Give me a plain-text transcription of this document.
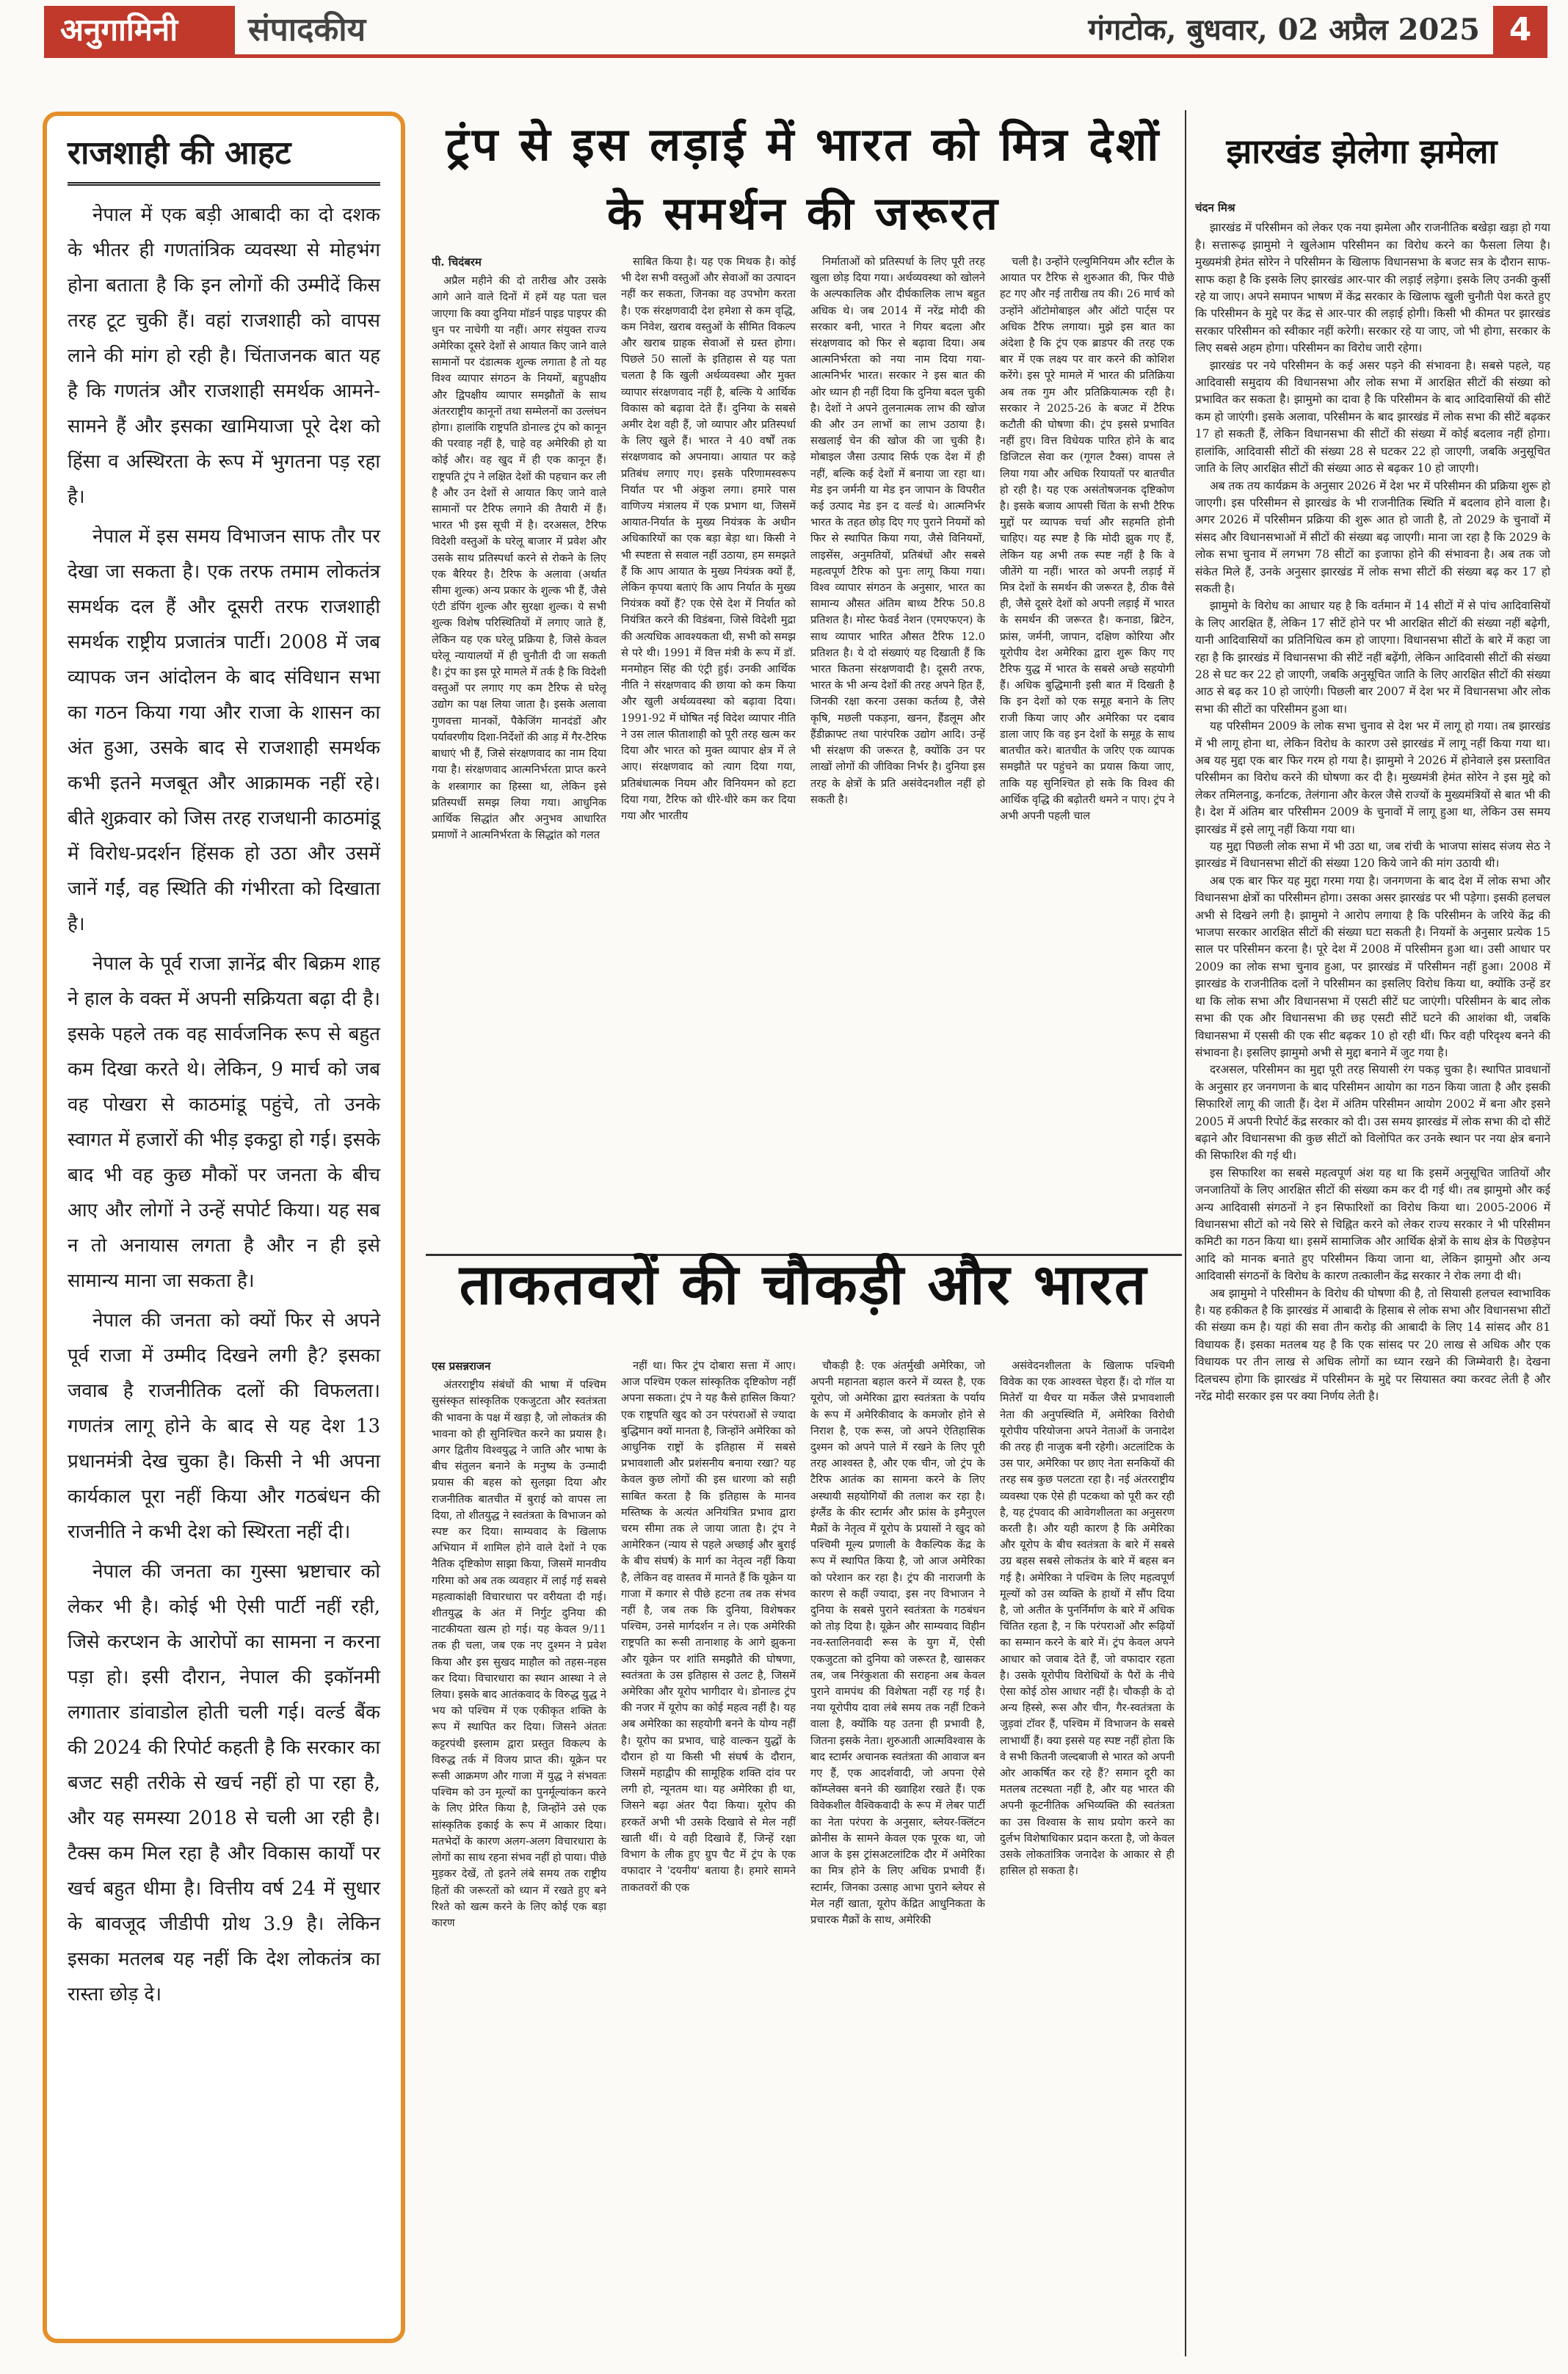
अनुगामिनी	संपादकीय	गंगटोक, बुधवार, 02 अप्रैल 2025 4
राजशाही की आहट

नेपाल में एक बड़ी आबादी का दो दशक के भीतर ही गणतांत्रिक व्यवस्था से मोहभंग होना बताता है कि इन लोगों की उम्मीदें किस तरह टूट चुकी हैं। वहां राजशाही को वापस लाने की मांग हो रही है। चिंताजनक बात यह है कि गणतंत्र और राजशाही समर्थक आमने-सामने हैं और इसका खामियाजा पूरे देश को हिंसा व अस्थिरता के रूप में भुगतना पड़ रहा है।

नेपाल में इस समय विभाजन साफ तौर पर देखा जा सकता है। एक तरफ तमाम लोकतंत्र समर्थक दल हैं और दूसरी तरफ राजशाही समर्थक राष्ट्रीय प्रजातंत्र पार्टी। 2008 में जब व्यापक जन आंदोलन के बाद संविधान सभा का गठन किया गया और राजा के शासन का अंत हुआ, उसके बाद से राजशाही समर्थक कभी इतने मजबूत और आक्रामक नहीं रहे। बीते शुक्रवार को जिस तरह राजधानी काठमांडू में विरोध-प्रदर्शन हिंसक हो उठा और उसमें जानें गईं, वह स्थिति की गंभीरता को दिखाता है।

नेपाल के पूर्व राजा ज्ञानेंद्र बीर बिक्रम शाह ने हाल के वक्त में अपनी सक्रियता बढ़ा दी है। इसके पहले तक वह सार्वजनिक रूप से बहुत कम दिखा करते थे। लेकिन, 9 मार्च को जब वह पोखरा से काठमांडू पहुंचे, तो उनके स्वागत में हजारों की भीड़ इकट्ठा हो गई। इसके बाद भी वह कुछ मौकों पर जनता के बीच आए और लोगों ने उन्हें सपोर्ट किया। यह सब न तो अनायास लगता है और न ही इसे सामान्य माना जा सकता है।

नेपाल की जनता को क्यों फिर से अपने पूर्व राजा में उम्मीद दिखने लगी है? इसका जवाब है राजनीतिक दलों की विफलता। गणतंत्र लागू होने के बाद से यह देश 13 प्रधानमंत्री देख चुका है। किसी ने भी अपना कार्यकाल पूरा नहीं किया और गठबंधन की राजनीति ने कभी देश को स्थिरता नहीं दी।

नेपाल की जनता का गुस्सा भ्रष्टाचार को लेकर भी है। कोई भी ऐसी पार्टी नहीं रही, जिसे करप्शन के आरोपों का सामना न करना पड़ा हो। इसी दौरान, नेपाल की इकॉनमी लगातार डांवाडोल होती चली गई। वर्ल्ड बैंक की 2024 की रिपोर्ट कहती है कि सरकार का बजट सही तरीके से खर्च नहीं हो पा रहा है, और यह समस्या 2018 से चली आ रही है। टैक्स कम मिल रहा है और विकास कार्यों पर खर्च बहुत धीमा है। वित्तीय वर्ष 24 में सुधार के बावजूद जीडीपी ग्रोथ 3.9 है। लेकिन इसका मतलब यह नहीं कि देश लोकतंत्र का रास्ता छोड़ दे।

ट्रंप से इस लड़ाई में भारत को मित्र देशों के समर्थन की जरूरत
पी. चिदंबरम

अप्रैल महीने की दो तारीख और उसके आगे आने वाले दिनों में हमें यह पता चल जाएगा कि क्या दुनिया मॉडर्न पाइड पाइपर की धुन पर नाचेगी या नहीं। अगर संयुक्त राज्य अमेरिका दूसरे देशों से आयात किए जाने वाले सामानों पर दंडात्मक शुल्क लगाता है तो यह विश्व व्यापार संगठन के नियमों, बहुपक्षीय और द्विपक्षीय व्यापार समझौतों के साथ अंतरराष्ट्रीय कानूनों तथा सम्मेलनों का उल्लंघन होगा। हालांकि राष्ट्रपति डोनाल्ड ट्रंप को कानून की परवाह नहीं है, चाहे वह अमेरिकी हो या कोई और। वह खुद में ही एक कानून हैं। राष्ट्रपति ट्रंप ने लक्षित देशों की पहचान कर ली है और उन देशों से आयात किए जाने वाले सामानों पर टैरिफ लगाने की तैयारी में हैं। भारत भी इस सूची में है। दरअसल, टैरिफ विदेशी वस्तुओं के घरेलू बाजार में प्रवेश और उसके साथ प्रतिस्पर्धा करने से रोकने के लिए एक बैरियर है। टैरिफ के अलावा (अर्थात सीमा शुल्क) अन्य प्रकार के शुल्क भी हैं, जैसे एंटी डंपिंग शुल्क और सुरक्षा शुल्क। ये सभी शुल्क विशेष परिस्थितियों में लगाए जाते हैं, लेकिन यह एक घरेलू प्रक्रिया है, जिसे केवल घरेलू न्यायालयों में ही चुनौती दी जा सकती है। ट्रंप का इस पूरे मामले में तर्क है कि विदेशी वस्तुओं पर लगाए गए कम टैरिफ से घरेलू उद्योग का पक्ष लिया जाता है। इसके अलावा गुणवत्ता मानकों, पैकेजिंग मानदंडों और पर्यावरणीय दिशा-निर्देशों की आड़ में गैर-टैरिफ बाधाएं भी हैं, जिसे संरक्षणवाद का नाम दिया गया है। संरक्षणवाद आत्मनिर्भरता प्राप्त करने के शस्त्रागार का हिस्सा था, लेकिन इसे प्रतिस्पर्धी समझ लिया गया। आधुनिक आर्थिक सिद्धांत और अनुभव आधारित प्रमाणों ने आत्मनिर्भरता के सिद्धांत को गलत

साबित किया है। यह एक मिथक है। कोई भी देश सभी वस्तुओं और सेवाओं का उत्पादन नहीं कर सकता, जिनका वह उपभोग करता है। एक संरक्षणवादी देश हमेशा से कम वृद्धि, कम निवेश, खराब वस्तुओं के सीमित विकल्प और खराब ग्राहक सेवाओं से ग्रस्त होगा। पिछले 50 सालों के इतिहास से यह पता चलता है कि खुली अर्थव्यवस्था और मुक्त व्यापार संरक्षणवाद नहीं है, बल्कि ये आर्थिक विकास को बढ़ावा देते हैं। दुनिया के सबसे अमीर देश वही हैं, जो व्यापार और प्रतिस्पर्धा के लिए खुले हैं। भारत ने 40 वर्षों तक संरक्षणवाद को अपनाया। आयात पर कड़े प्रतिबंध लगाए गए। इसके परिणामस्वरूप निर्यात पर भी अंकुश लगा। हमारे पास वाणिज्य मंत्रालय में एक प्रभाग था, जिसमें आयात-निर्यात के मुख्य नियंत्रक के अधीन अधिकारियों का एक बड़ा बेड़ा था। किसी ने भी स्पष्टता से सवाल नहीं उठाया, हम समझते हैं कि आप आयात के मुख्य नियंत्रक क्यों हैं, लेकिन कृपया बताएं कि आप निर्यात के मुख्य नियंत्रक क्यों हैं? एक ऐसे देश में निर्यात को नियंत्रित करने की विडंबना, जिसे विदेशी मुद्रा की अत्यधिक आवश्यकता थी, सभी को समझ से परे थी। 1991 में वित्त मंत्री के रूप में डॉ. मनमोहन सिंह की एंट्री हुई। उनकी आर्थिक नीति ने संरक्षणवाद की छाया को कम किया और खुली अर्थव्यवस्था को बढ़ावा दिया। 1991-92 में घोषित नई विदेश व्यापार नीति ने उस लाल फीताशाही को पूरी तरह खत्म कर दिया और भारत को मुक्त व्यापार क्षेत्र में ले आए। संरक्षणवाद को त्याग दिया गया, प्रतिबंधात्मक नियम और विनियमन को हटा दिया गया, टैरिफ को धीरे-धीरे कम कर दिया गया और भारतीय

निर्माताओं को प्रतिस्पर्धा के लिए पूरी तरह खुला छोड़ दिया गया। अर्थव्यवस्था को खोलने के अल्पकालिक और दीर्घकालिक लाभ बहुत अधिक थे। जब 2014 में नरेंद्र मोदी की सरकार बनी, भारत ने गियर बदला और संरक्षणवाद को फिर से बढ़ावा दिया। अब आत्मनिर्भरता को नया नाम दिया गया- आत्मनिर्भर भारत। सरकार ने इस बात की ओर ध्यान ही नहीं दिया कि दुनिया बदल चुकी है। देशों ने अपने तुलनात्मक लाभ की खोज की और उन लाभों का लाभ उठाया है। सखलाई चेन की खोज की जा चुकी है। मोबाइल जैसा उत्पाद सिर्फ एक देश में ही नहीं, बल्कि कई देशों में बनाया जा रहा था। मेड इन जर्मनी या मेड इन जापान के विपरीत कई उत्पाद मेड इन द वर्ल्ड थे। आत्मनिर्भर भारत के तहत छोड़ दिए गए पुराने नियमों को फिर से स्थापित किया गया, जैसे विनियमों, लाइसेंस, अनुमतियों, प्रतिबंधों और सबसे महत्वपूर्ण टैरिफ को पुनः लागू किया गया। विश्व व्यापार संगठन के अनुसार, भारत का सामान्य औसत अंतिम बाध्य टैरिफ 50.8 प्रतिशत है। मोस्ट फेवर्ड नेशन (एमएफएन) के साथ व्यापार भारित औसत टैरिफ 12.0 प्रतिशत है। ये दो संख्याएं यह दिखाती हैं कि भारत कितना संरक्षणवादी है। दूसरी तरफ, भारत के भी अन्य देशों की तरह अपने हित हैं, जिनकी रक्षा करना उसका कर्तव्य है, जैसे कृषि, मछली पकड़ना, खनन, हैंडलूम और हैंडीक्राफ्ट तथा पारंपरिक उद्योग आदि। उन्हें भी संरक्षण की जरूरत है, क्योंकि उन पर लाखों लोगों की जीविका निर्भर है। दुनिया इस तरह के क्षेत्रों के प्रति असंवेदनशील नहीं हो सकती है।

चली है। उन्होंने एल्युमिनियम और स्टील के आयात पर टैरिफ से शुरुआत की, फिर पीछे हट गए और नई तारीख तय की। 26 मार्च को उन्होंने ऑटोमोबाइल और ऑटो पार्ट्स पर अधिक टैरिफ लगाया। मुझे इस बात का अंदेशा है कि ट्रंप एक ब्राडपर की तरह एक बार में एक लक्ष्य पर वार करने की कोशिश करेंगे। इस पूरे मामले में भारत की प्रतिक्रिया अब तक गुम और प्रतिक्रियात्मक रही है। सरकार ने 2025-26 के बजट में टैरिफ कटौती की घोषणा की। ट्रंप इससे प्रभावित नहीं हुए। वित्त विधेयक पारित होने के बाद डिजिटल सेवा कर (गूगल टैक्स) वापस ले लिया गया और अधिक रियायतों पर बातचीत हो रही है। यह एक असंतोषजनक दृष्टिकोण है। इसके बजाय आपसी चिंता के सभी टैरिफ मुद्दों पर व्यापक चर्चा और सहमति होनी चाहिए। यह स्पष्ट है कि मोदी झुक गए हैं, लेकिन यह अभी तक स्पष्ट नहीं है कि वे जीतेंगे या नहीं। भारत को अपनी लड़ाई में मित्र देशों के समर्थन की जरूरत है, ठीक वैसे ही, जैसे दूसरे देशों को अपनी लड़ाई में भारत के समर्थन की जरूरत है। कनाडा, ब्रिटेन, फ्रांस, जर्मनी, जापान, दक्षिण कोरिया और यूरोपीय देश अमेरिका द्वारा शुरू किए गए टैरिफ युद्ध में भारत के सबसे अच्छे सहयोगी हैं। अधिक बुद्धिमानी इसी बात में दिखती है कि इन देशों को एक समूह बनाने के लिए राजी किया जाए और अमेरिका पर दबाव डाला जाए कि वह इन देशों के समूह के साथ बातचीत करे। बातचीत के जरिए एक व्यापक समझौते पर पहुंचने का प्रयास किया जाए, ताकि यह सुनिश्चित हो सके कि विश्व की आर्थिक वृद्धि की बढ़ोतरी थमने न पाए। ट्रंप ने अभी अपनी पहली चाल

ताकतवरों की चौकड़ी और भारत
एस प्रसन्नराजन

अंतरराष्ट्रीय संबंधों की भाषा में पश्चिम सुसंस्कृत सांस्कृतिक एकजुटता और स्वतंत्रता की भावना के पक्ष में खड़ा है, जो लोकतंत्र की भावना को ही सुनिश्चित करने का प्रयास है। अगर द्वितीय विश्वयुद्ध ने जाति और भाषा के बीच संतुलन बनाने के मनुष्य के उन्मादी प्रयास की बहस को सुलझा दिया और राजनीतिक बातचीत में बुराई को वापस ला दिया, तो शीतयुद्ध ने स्वतंत्रता के विभाजन को स्पष्ट कर दिया। साम्यवाद के खिलाफ अभियान में शामिल होने वाले देशों ने एक नैतिक दृष्टिकोण साझा किया, जिसमें मानवीय गरिमा को अब तक व्यवहार में लाई गई सबसे महत्वाकांक्षी विचारधारा पर वरीयता दी गई। शीतयुद्ध के अंत में निर्गुट दुनिया की नाटकीयता खत्म हो गई। यह केवल 9/11 तक ही चला, जब एक नए दुश्मन ने प्रवेश किया और इस सुखद माहौल को तहस-नहस कर दिया। विचारधारा का स्थान आस्था ने ले लिया। इसके बाद आतंकवाद के विरुद्ध युद्ध ने भय को पश्चिम में एक एकीकृत शक्ति के रूप में स्थापित कर दिया। जिसने अंततः कट्टरपंथी इस्लाम द्वारा प्रस्तुत विकल्प के विरुद्ध तर्क में विजय प्राप्त की। यूक्रेन पर रूसी आक्रमण और गाजा में युद्ध ने संभवतः पश्चिम को उन मूल्यों का पुनर्मूल्यांकन करने के लिए प्रेरित किया है, जिन्होंने उसे एक सांस्कृतिक इकाई के रूप में आकार दिया। मतभेदों के कारण अलग-अलग विचारधारा के लोगों का साथ रहना संभव नहीं हो पाया। पीछे मुड़कर देखें, तो इतने लंबे समय तक राष्ट्रीय हितों की जरूरतों को ध्यान में रखते हुए बने रिश्ते को खत्म करने के लिए कोई एक बड़ा कारण

नहीं था। फिर ट्रंप दोबारा सत्ता में आए। आज पश्चिम एकल सांस्कृतिक दृष्टिकोण नहीं अपना सकता। ट्रंप ने यह कैसे हासिल किया? एक राष्ट्रपति खुद को उन परंपराओं से ज्यादा बुद्धिमान क्यों मानता है, जिन्होंने अमेरिका को आधुनिक राष्ट्रों के इतिहास में सबसे प्रभावशाली और प्रशंसनीय बनाया रखा? यह केवल कुछ लोगों की इस धारणा को सही साबित करता है कि इतिहास के मानव मस्तिष्क के अत्यंत अनियंत्रित प्रभाव द्वारा चरम सीमा तक ले जाया जाता है। ट्रंप ने आमेरिकन (न्याय से पहले अच्छाई और बुराई के बीच संघर्ष) के मार्ग का नेतृत्व नहीं किया है, लेकिन वह वास्तव में मानते हैं कि यूक्रेन या गाजा में कगार से पीछे हटना तब तक संभव नहीं है, जब तक कि दुनिया, विशेषकर पश्चिम, उनसे मार्गदर्शन न ले। एक अमेरिकी राष्ट्रपति का रूसी तानाशाह के आगे झुकना और यूक्रेन पर शांति समझौते की घोषणा, स्वतंत्रता के उस इतिहास से उलट है, जिसमें अमेरिका और यूरोप भागीदार थे। डोनाल्ड ट्रंप की नजर में यूरोप का कोई महत्व नहीं है। यह अब अमेरिका का सहयोगी बनने के योग्य नहीं है। यूरोप का प्रभाव, चाहे वाल्कन युद्धों के दौरान हो या किसी भी संघर्ष के दौरान, जिसमें महाद्वीप की सामूहिक शक्ति दांव पर लगी हो, न्यूनतम था। यह अमेरिका ही था, जिसने बढ़ा अंतर पैदा किया। यूरोप की हरकतें अभी भी उसके दिखावे से मेल नहीं खाती थीं। ये वही दिखावे हैं, जिन्हें रक्षा विभाग के लीक हुए ग्रुप चैट में ट्रंप के एक वफादार ने 'दयनीय' बताया है। हमारे सामने ताकतवरों की एक

चौकड़ी है: एक अंतर्मुखी अमेरिका, जो अपनी महानता बहाल करने में व्यस्त है, एक यूरोप, जो अमेरिका द्वारा स्वतंत्रता के पर्याय के रूप में अमेरिकीवाद के कमजोर होने से निराश है, एक रूस, जो अपने ऐतिहासिक दुश्मन को अपने पाले में रखने के लिए पूरी तरह आश्वस्त है, और एक चीन, जो ट्रंप के टैरिफ आतंक का सामना करने के लिए अस्थायी सहयोगियों की तलाश कर रहा है। इंग्लैंड के कीर स्टार्मर और फ्रांस के इमैनुएल मैक्रों के नेतृत्व में यूरोप के प्रयासों ने खुद को पश्चिमी मूल्य प्रणाली के वैकल्पिक केंद्र के रूप में स्थापित किया है, जो आज अमेरिका को परेशान कर रहा है। ट्रंप की नाराजगी के कारण से कहीं ज्यादा, इस नए विभाजन ने दुनिया के सबसे पुराने स्वतंत्रता के गठबंधन को तोड़ दिया है। यूक्रेन और साम्यवाद विहीन नव-स्तालिनवादी रूस के युग में, ऐसी एकजुटता को दुनिया को जरूरत है, खासकर तब, जब निरंकुशता की सराहना अब केवल पुराने वामपंथ की विशेषता नहीं रह गई है। नया यूरोपीय दावा लंबे समय तक नहीं टिकने वाला है, क्योंकि यह उतना ही प्रभावी है, जितना इसके नेता। शुरुआती आत्मविश्वास के बाद स्टार्मर अचानक स्वतंत्रता की आवाज बन गए हैं, एक आदर्शवादी, जो अपना ऐसे कॉम्प्लेक्स बनने की ख्वाहिश रखते हैं। एक विवेकशील वैश्विकवादी के रूप में लेबर पार्टी का नेता परंपरा के अनुसार, ब्लेयर-क्लिंटन क्रोनीस के सामने केवल एक पूरक था, जो आज के इस ट्रांसअटलांटिक दौर में अमेरिका का मित्र होने के लिए अधिक प्रभावी हैं। स्टार्मर, जिनका उत्साह आभा पुराने ब्लेयर से मेल नहीं खाता, यूरोप केंद्रित आधुनिकता के प्रचारक मैक्रों के साथ, अमेरिकी

असंवेदनशीलता के खिलाफ पश्चिमी विवेक का एक आश्वस्त चेहरा हैं। दो गॉल या मितेरॉं या थैचर या मर्केल जैसे प्रभावशाली नेता की अनुपस्थिति में, अमेरिका विरोधी यूरोपीय परियोजना अपने नेताओं के जनादेश की तरह ही नाजुक बनी रहेगी। अटलांटिक के उस पार, अमेरिका पर छाए नेता सनकियों की तरह सब कुछ पलटता रहा है। नई अंतरराष्ट्रीय व्यवस्था एक ऐसे ही पटकथा को पूरी कर रही है, यह ट्रंपवाद की आवेगशीलता का अनुसरण करती है। और यही कारण है कि अमेरिका और यूरोप के बीच स्वतंत्रता के बारे में सबसे उग्र बहस सबसे लोकतंत्र के बारे में बहस बन गई है। अमेरिका ने पश्चिम के लिए महत्वपूर्ण मूल्यों को उस व्यक्ति के हाथों में सौंप दिया है, जो अतीत के पुनर्निर्माण के बारे में अधिक चिंतित रहता है, न कि परंपराओं और रूढ़ियों का सम्मान करने के बारे में। ट्रंप केवल अपने आधार को जवाब देते हैं, जो वफादार रहता है। उसके यूरोपीय विरोधियों के पैरों के नीचे ऐसा कोई ठोस आधार नहीं है। चौकड़ी के दो अन्य हिस्से, रूस और चीन, गैर-स्वतंत्रता के जुड़वां टॉवर हैं, पश्चिम में विभाजन के सबसे लाभार्थी हैं। क्या इससे यह स्पष्ट नहीं होता कि वे सभी कितनी जल्दबाजी से भारत को अपनी ओर आकर्षित कर रहे हैं? समान दूरी का मतलब तटस्थता नहीं है, और यह भारत की अपनी कूटनीतिक अभिव्यक्ति की स्वतंत्रता का उस विश्वास के साथ प्रयोग करने का दुर्लभ विशेषाधिकार प्रदान करता है, जो केवल उसके लोकतांत्रिक जनादेश के आकार से ही हासिल हो सकता है।

झारखंड झेलेगा झमेला
चंदन मिश्र

झारखंड में परिसीमन को लेकर एक नया झमेला और राजनीतिक बखेड़ा खड़ा हो गया है। सत्तारूढ़ झामुमो ने खुलेआम परिसीमन का विरोध करने का फैसला लिया है। मुख्यमंत्री हेमंत सोरेन ने परिसीमन के खिलाफ विधानसभा के बजट सत्र के दौरान साफ-साफ कहा है कि इसके लिए झारखंड आर-पार की लड़ाई लड़ेगा। इसके लिए उनकी कुर्सी रहे या जाए। अपने समापन भाषण में केंद्र सरकार के खिलाफ खुली चुनौती पेश करते हुए कि परिसीमन के मुद्दे पर केंद्र से आर-पार की लड़ाई होगी। किसी भी कीमत पर झारखंड सरकार परिसीमन को स्वीकार नहीं करेगी। सरकार रहे या जाए, जो भी होगा, सरकार के लिए सबसे अहम होगा। परिसीमन का विरोध जारी रहेगा।

झारखंड पर नये परिसीमन के कई असर पड़ने की संभावना है। सबसे पहले, यह आदिवासी समुदाय की विधानसभा और लोक सभा में आरक्षित सीटों की संख्या को प्रभावित कर सकता है। झामुमो का दावा है कि परिसीमन के बाद आदिवासियों की सीटें कम हो जाएंगी। इसके अलावा, परिसीमन के बाद झारखंड में लोक सभा की सीटें बढ़कर 17 हो सकती हैं, लेकिन विधानसभा की सीटों की संख्या में कोई बदलाव नहीं होगा। हालांकि, आदिवासी सीटों की संख्या 28 से घटकर 22 हो जाएगी, जबकि अनुसूचित जाति के लिए आरक्षित सीटों की संख्या आठ से बढ़कर 10 हो जाएगी।

अब तक तय कार्यक्रम के अनुसार 2026 में देश भर में परिसीमन की प्रक्रिया शुरू हो जाएगी। इस परिसीमन से झारखंड के भी राजनीतिक स्थिति में बदलाव होने वाला है। अगर 2026 में परिसीमन प्रक्रिया की शुरू आत हो जाती है, तो 2029 के चुनावों में संसद और विधानसभाओं में सीटों की संख्या बढ़ जाएगी। माना जा रहा है कि 2029 के लोक सभा चुनाव में लगभग 78 सीटों का इजाफा होने की संभावना है। अब तक जो संकेत मिले हैं, उनके अनुसार झारखंड में लोक सभा सीटों की संख्या बढ़ कर 17 हो सकती है।

झामुमो के विरोध का आधार यह है कि वर्तमान में 14 सीटों में से पांच आदिवासियों के लिए आरक्षित हैं, लेकिन 17 सीटें होने पर भी आरक्षित सीटों की संख्या नहीं बढ़ेगी, यानी आदिवासियों का प्रतिनिधित्व कम हो जाएगा। विधानसभा सीटों के बारे में कहा जा रहा है कि झारखंड में विधानसभा की सीटें नहीं बढ़ेंगी, लेकिन आदिवासी सीटों की संख्या 28 से घट कर 22 हो जाएगी, जबकि अनुसूचित जाति के लिए आरक्षित सीटों की संख्या आठ से बढ़ कर 10 हो जाएंगी। पिछली बार 2007 में देश भर में विधानसभा और लोक सभा की सीटों का परिसीमन हुआ था।

यह परिसीमन 2009 के लोक सभा चुनाव से देश भर में लागू हो गया। तब झारखंड में भी लागू होना था, लेकिन विरोध के कारण उसे झारखंड में लागू नहीं किया गया था। अब यह मुद्दा एक बार फिर गरम हो गया है। झामुमो ने 2026 में होनेवाले इस प्रस्तावित परिसीमन का विरोध करने की घोषणा कर दी है। मुख्यमंत्री हेमंत सोरेन ने इस मुद्दे को लेकर तमिलनाडु, कर्नाटक, तेलंगाना और केरल जैसे राज्यों के मुख्यमंत्रियों से बात भी की है। देश में अंतिम बार परिसीमन 2009 के चुनावों में लागू हुआ था, लेकिन उस समय झारखंड में इसे लागू नहीं किया गया था।

यह मुद्दा पिछली लोक सभा में भी उठा था, जब रांची के भाजपा सांसद संजय सेठ ने झारखंड में विधानसभा सीटों की संख्या 120 किये जाने की मांग उठायी थी।

अब एक बार फिर यह मुद्दा गरमा गया है। जनगणना के बाद देश में लोक सभा और विधानसभा क्षेत्रों का परिसीमन होगा। उसका असर झारखंड पर भी पड़ेगा। इसकी हलचल अभी से दिखने लगी है। झामुमो ने आरोप लगाया है कि परिसीमन के जरिये केंद्र की भाजपा सरकार आरक्षित सीटों की संख्या घटा सकती है। नियमों के अनुसार प्रत्येक 15 साल पर परिसीमन करना है। पूरे देश में 2008 में परिसीमन हुआ था। उसी आधार पर 2009 का लोक सभा चुनाव हुआ, पर झारखंड में परिसीमन नहीं हुआ। 2008 में झारखंड के राजनीतिक दलों ने परिसीमन का इसलिए विरोध किया था, क्योंकि उन्हें डर था कि लोक सभा और विधानसभा में एसटी सीटें घट जाएंगी। परिसीमन के बाद लोक सभा की एक और विधानसभा की छह एसटी सीटें घटने की आशंका थी, जबकि विधानसभा में एससी की एक सीट बढ़कर 10 हो रही थीं। फिर वही परिदृश्य बनने की संभावना है। इसलिए झामुमो अभी से मुद्दा बनाने में जुट गया है।

दरअसल, परिसीमन का मुद्दा पूरी तरह सियासी रंग पकड़ चुका है। स्थापित प्रावधानों के अनुसार हर जनगणना के बाद परिसीमन आयोग का गठन किया जाता है और इसकी सिफारिशें लागू की जाती हैं। देश में अंतिम परिसीमन आयोग 2002 में बना और इसने 2005 में अपनी रिपोर्ट केंद्र सरकार को दी। उस समय झारखंड में लोक सभा की दो सीटें बढ़ाने और विधानसभा की कुछ सीटों को विलोपित कर उनके स्थान पर नया क्षेत्र बनाने की सिफारिश की गई थी।

इस सिफारिश का सबसे महत्वपूर्ण अंश यह था कि इसमें अनुसूचित जातियों और जनजातियों के लिए आरक्षित सीटों की संख्या कम कर दी गई थी। तब झामुमो और कई अन्य आदिवासी संगठनों ने इन सिफारिशों का विरोध किया था। 2005-2006 में विधानसभा सीटों को नये सिरे से चिह्नित करने को लेकर राज्य सरकार ने भी परिसीमन कमिटी का गठन किया था। इसमें सामाजिक और आर्थिक क्षेत्रों के साथ क्षेत्र के पिछड़ेपन आदि को मानक बनाते हुए परिसीमन किया जाना था, लेकिन झामुमो और अन्य आदिवासी संगठनों के विरोध के कारण तत्कालीन केंद्र सरकार ने रोक लगा दी थी।

अब झामुमो ने परिसीमन के विरोध की घोषणा की है, तो सियासी हलचल स्वाभाविक है। यह हकीकत है कि झारखंड में आबादी के हिसाब से लोक सभा और विधानसभा सीटों की संख्या कम है। यहां की सवा तीन करोड़ की आबादी के लिए 14 सांसद और 81 विधायक हैं। इसका मतलब यह है कि एक सांसद पर 20 लाख से अधिक और एक विधायक पर तीन लाख से अधिक लोगों का ध्यान रखने की जिम्मेवारी है। देखना दिलचस्प होगा कि झारखंड में परिसीमन के मुद्दे पर सियासत क्या करवट लेती है और नरेंद्र मोदी सरकार इस पर क्या निर्णय लेती है।
